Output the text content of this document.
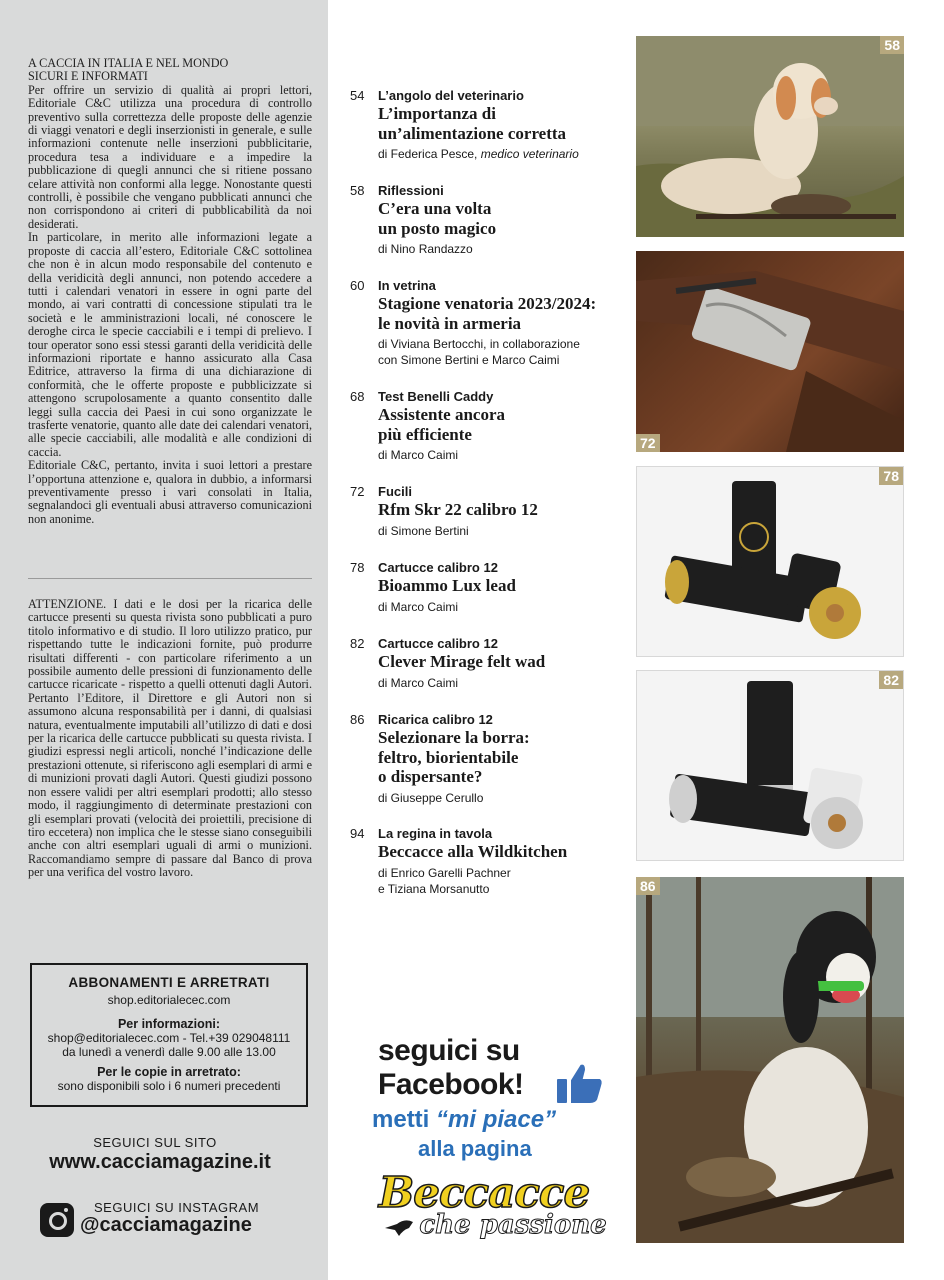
A CACCIA IN ITALIA E NEL MONDO
SICURI E INFORMATI
Per offrire un servizio di qualità ai propri lettori, Editoriale C&C utilizza una procedura di controllo preventivo sulla correttezza delle proposte delle agenzie di viaggi venatori e degli inserzionisti in generale, e sulle informazioni contenute nelle inserzioni pubblicitarie, procedura tesa a individuare e a impedire la pubblicazione di quegli annunci che si ritiene possano celare attività non conformi alla legge. Nonostante questi controlli, è possibile che vengano pubblicati annunci che non corrispondono ai criteri di pubblicabilità da noi desiderati.
In particolare, in merito alle informazioni legate a proposte di caccia all’estero, Editoriale C&C sottolinea che non è in alcun modo responsabile del contenuto e della veridicità degli annunci, non potendo accedere a tutti i calendari venatori in essere in ogni parte del mondo, ai vari contratti di concessione stipulati tra le società e le amministrazioni locali, né conoscere le deroghe circa le specie cacciabili e i tempi di prelievo. I tour operator sono essi stessi garanti della veridicità delle informazioni riportate e hanno assicurato alla Casa Editrice, attraverso la firma di una dichiarazione di conformità, che le offerte proposte e pubblicizzate si attengono scrupolosamente a quanto consentito dalle leggi sulla caccia dei Paesi in cui sono organizzate le trasferte venatorie, quanto alle date dei calendari venatori, alle specie cacciabili, alle modalità e alle condizioni di caccia.
Editoriale C&C, pertanto, invita i suoi lettori a prestare l’opportuna attenzione e, qualora in dubbio, a informarsi preventivamente presso i vari consolati in Italia, segnalandoci gli eventuali abusi attraverso comunicazioni non anonime.
ATTENZIONE. I dati e le dosi per la ricarica delle cartucce presenti su questa rivista sono pubblicati a puro titolo informativo e di studio. Il loro utilizzo pratico, pur rispettando tutte le indicazioni fornite, può produrre risultati differenti - con particolare riferimento a un possibile aumento delle pressioni di funzionamento delle cartucce ricaricate - rispetto a quelli ottenuti dagli Autori. Pertanto l’Editore, il Direttore e gli Autori non si assumono alcuna responsabilità per i danni, di qualsiasi natura, eventualmente imputabili all’utilizzo di dati e dosi per la ricarica delle cartucce pubblicati su questa rivista. I giudizi espressi negli articoli, nonché l’indicazione delle prestazioni ottenute, si riferiscono agli esemplari di armi e di munizioni provati dagli Autori. Questi giudizi possono non essere validi per altri esemplari prodotti; allo stesso modo, il raggiungimento di determinate prestazioni con gli esemplari provati (velocità dei proiettili, precisione di tiro eccetera) non implica che le stesse siano conseguibili anche con altri esemplari uguali di armi o munizioni. Raccomandiamo sempre di passare dal Banco di prova per una verifica del vostro lavoro.
ABBONAMENTI E ARRETRATI
shop.editorialecec.com
Per informazioni:
shop@editorialecec.com - Tel.+39 029048111
da lunedì a venerdì dalle 9.00 alle 13.00
Per le copie in arretrato:
sono disponibili solo i 6 numeri precedenti
SEGUICI SUL SITO
www.cacciamagazine.it
SEGUICI SU INSTAGRAM
@cacciamagazine
54	L’angolo del veterinario
L’importanza di
un’alimentazione corretta
di Federica Pesce, medico veterinario
58	Riflessioni
C’era una volta
un posto magico
di Nino Randazzo
60	In vetrina
Stagione venatoria 2023/2024:
le novità in armeria
di Viviana Bertocchi, in collaborazione
con Simone Bertini e Marco Caimi
68	Test Benelli Caddy
Assistente ancora
più efficiente
di Marco Caimi
72	Fucili
Rfm Skr 22 calibro 12
di Simone Bertini
78	Cartucce calibro 12
Bioammo Lux lead
di Marco Caimi
82	Cartucce calibro 12
Clever Mirage felt wad
di Marco Caimi
86	Ricarica calibro 12
Selezionare la borra:
feltro, biorientabile
o dispersante?
di Giuseppe Cerullo
94	La regina in tavola
Beccacce alla Wildkitchen
di Enrico Garelli Pachner
e Tiziana Morsanutto
58
72
78
82
86
seguici su
Facebook!
metti “mi piace”
alla pagina
Beccacce
che passione
